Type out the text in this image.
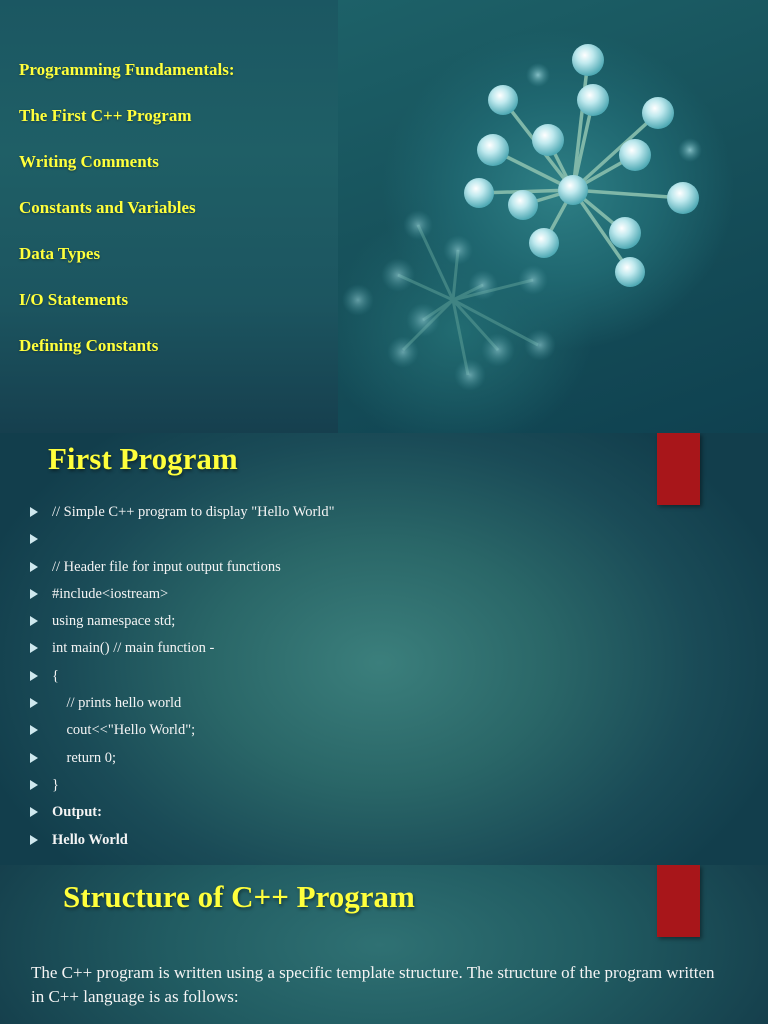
Programming Fundamentals:
The First C++ Program
Writing Comments
Constants and Variables
Data Types
I/O Statements
Defining Constants
First Program
// Simple C++ program to display "Hello World"
// Header file for input output functions
#include<iostream>
using namespace std;
int main() // main function -
{
// prints hello world
cout<<"Hello World";
return 0;
}
Output:
Hello World
Structure of C++ Program

The C++ program is written using a specific template structure. The structure of the program written in C++ language is as follows:
